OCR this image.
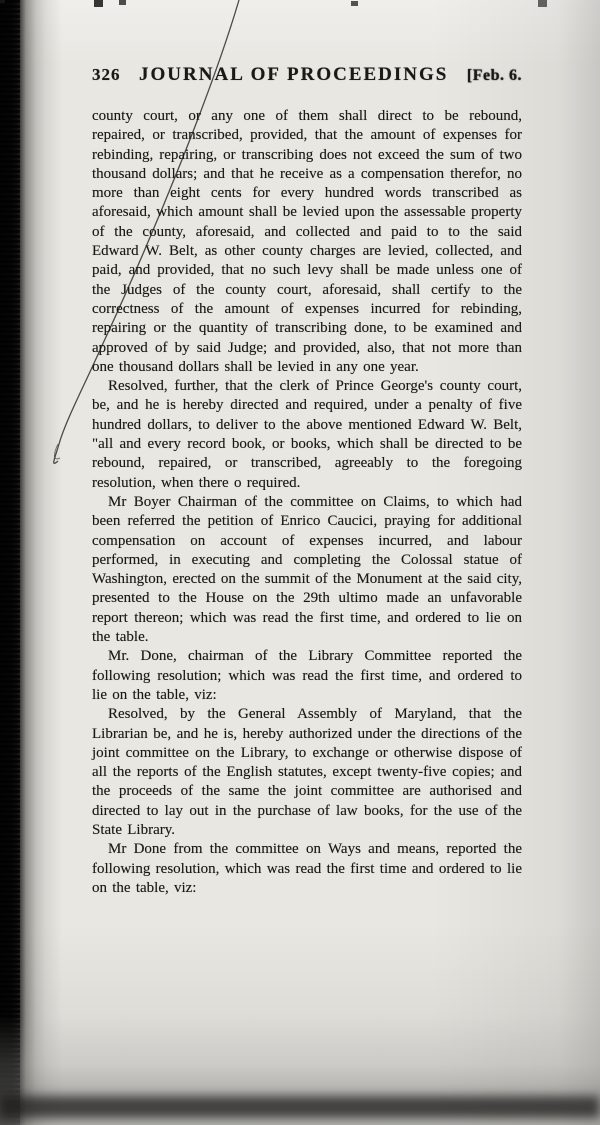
326 JOURNAL OF PROCEEDINGS [Feb. 6.

county court, or any one of them shall direct to be rebound, repaired, or transcribed, provided, that the amount of expenses for rebinding, repairing, or transcribing does not exceed the sum of two thousand dollars; and that he receive as a compensation therefor, no more than eight cents for every hundred words transcribed as aforesaid, which amount shall be levied upon the assessable property of the county, aforesaid, and collected and paid to to the said Edward W. Belt, as other county charges are levied, collected, and paid, and provided, that no such levy shall be made unless one of the Judges of the county court, aforesaid, shall certify to the correctness of the amount of expenses incurred for rebinding, repairing or the quantity of transcribing done, to be examined and approved of by said Judge; and provided, also, that not more than one thousand dollars shall be levied in any one year.

Resolved, further, that the clerk of Prince George's county court, be, and he is hereby directed and required, under a penalty of five hundred dollars, to deliver to the above mentioned Edward W. Belt, "all and every record book, or books, which shall be directed to be rebound, repaired, or transcribed, agreeably to the foregoing resolution, when there o required.

Mr Boyer Chairman of the committee on Claims, to which had been referred the petition of Enrico Caucici, praying for additional compensation on account of expenses incurred, and labour performed, in executing and completing the Colossal statue of Washington, erected on the summit of the Monument at the said city, presented to the House on the 29th ultimo made an unfavorable report thereon; which was read the first time, and ordered to lie on the table.

Mr. Done, chairman of the Library Committee reported the following resolution; which was read the first time, and ordered to lie on the table, viz:

Resolved, by the General Assembly of Maryland, that the Librarian be, and he is, hereby authorized under the directions of the joint committee on the Library, to exchange or otherwise dispose of all the reports of the English statutes, except twenty-five copies; and the proceeds of the same the joint committee are authorised and directed to lay out in the purchase of law books, for the use of the State Library.

Mr Done from the committee on Ways and means, reported the following resolution, which was read the first time and ordered to lie on the table, viz:
